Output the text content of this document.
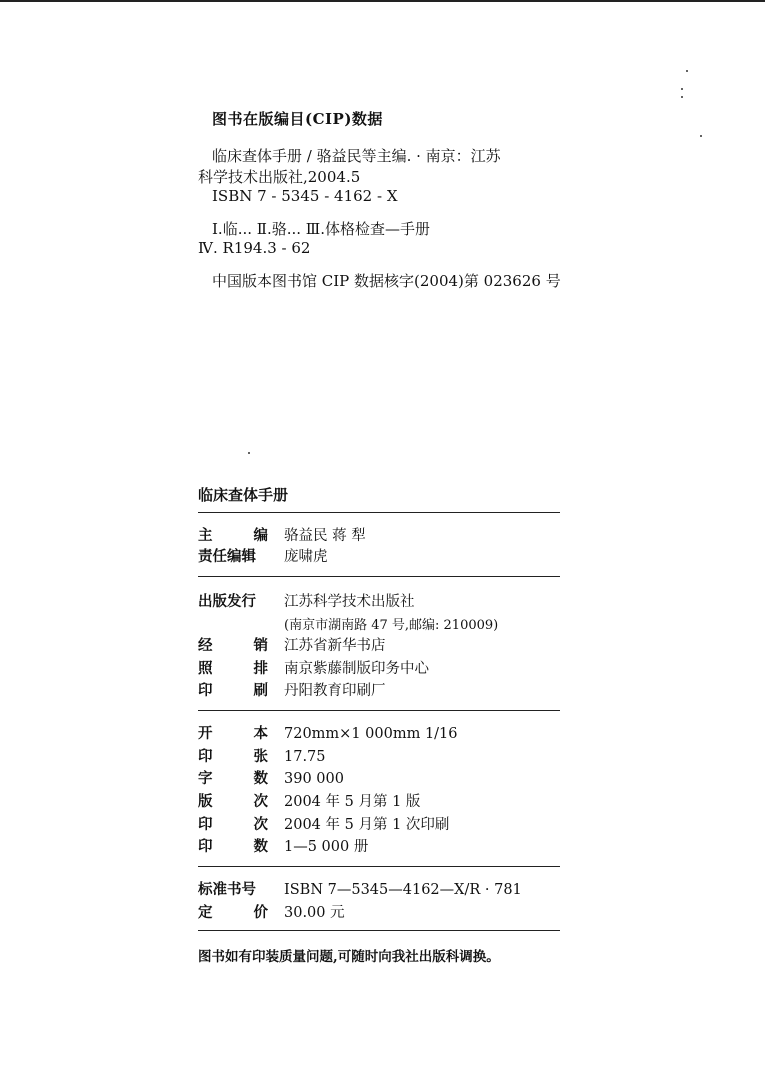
图书在版编目(CIP)数据
临床查体手册 / 骆益民等主编. · 南京：江苏
科学技术出版社,2004.5
ISBN 7 - 5345 - 4162 - X
Ⅰ.临... Ⅱ.骆... Ⅲ.体格检查—手册
Ⅳ. R194.3 - 62
中国版本图书馆 CIP 数据核字(2004)第 023626 号
临床查体手册
主	编 骆益民 蒋 犁
责任编辑	庞啸虎
出版发行	江苏科学技术出版社
(南京市湖南路 47 号,邮编: 210009)
经	销 江苏省新华书店
照	排 南京紫藤制版印务中心
印	刷 丹阳教育印刷厂
开	本 720mm×1 000mm 1/16
印	张 17.75
字	数 390 000
版	次 2004 年 5 月第 1 版
印	次 2004 年 5 月第 1 次印刷
印	数 1—5 000 册
标准书号	ISBN 7—5345—4162—X/R · 781
定	价 30.00 元
图书如有印装质量问题,可随时向我社出版科调换。
